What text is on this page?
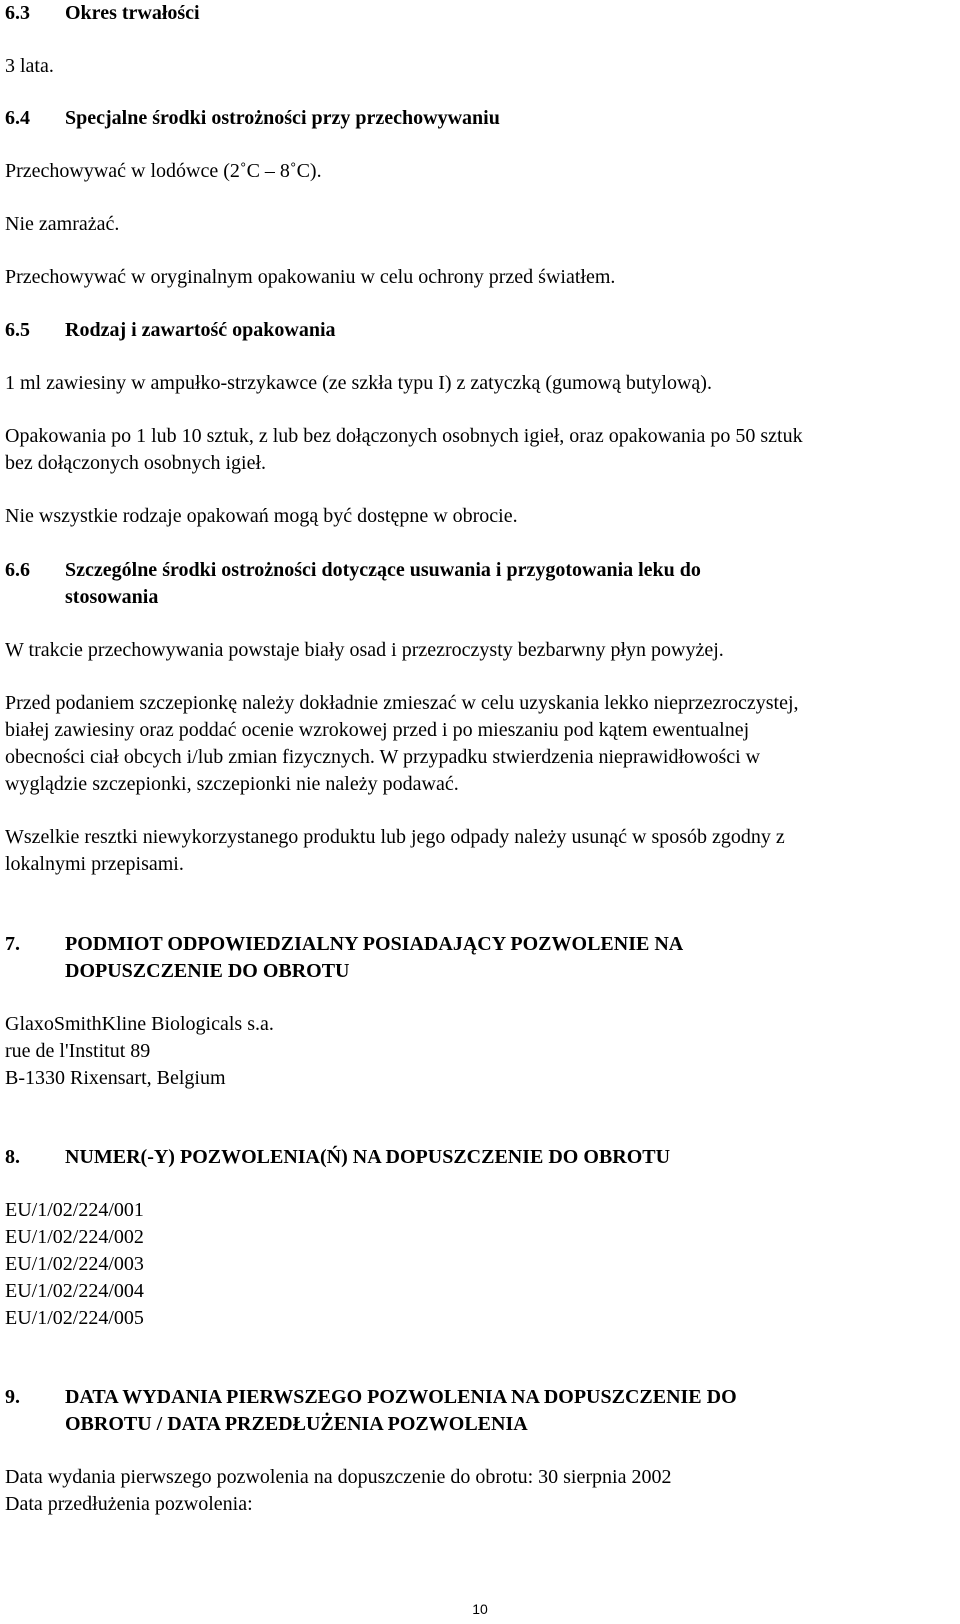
6.3 Okres trwałości
3 lata.
6.4 Specjalne środki ostrożności przy przechowywaniu
Przechowywać w lodówce (2˚C – 8˚C).
Nie zamrażać.
Przechowywać w oryginalnym opakowaniu w celu ochrony przed światłem.
6.5 Rodzaj i zawartość opakowania
1 ml zawiesiny w ampułko-strzykawce (ze szkła typu I) z zatyczką (gumową butylową).
Opakowania po 1 lub 10 sztuk, z lub bez dołączonych osobnych igieł, oraz opakowania po 50 sztuk
bez dołączonych osobnych igieł.
Nie wszystkie rodzaje opakowań mogą być dostępne w obrocie.
6.6 Szczególne środki ostrożności dotyczące usuwania i przygotowania leku do
stosowania
W trakcie przechowywania powstaje biały osad i przezroczysty bezbarwny płyn powyżej.
Przed podaniem szczepionkę należy dokładnie zmieszać w celu uzyskania lekko nieprzezroczystej,
białej zawiesiny oraz poddać ocenie wzrokowej przed i po mieszaniu pod kątem ewentualnej
obecności ciał obcych i/lub zmian fizycznych. W przypadku stwierdzenia nieprawidłowości w
wyglądzie szczepionki, szczepionki nie należy podawać.
Wszelkie resztki niewykorzystanego produktu lub jego odpady należy usunąć w sposób zgodny z
lokalnymi przepisami.
7. PODMIOT ODPOWIEDZIALNY POSIADAJĄCY POZWOLENIE NA
DOPUSZCZENIE DO OBROTU
GlaxoSmithKline Biologicals s.a.
rue de l'Institut 89
B-1330 Rixensart, Belgium
8. NUMER(-Y) POZWOLENIA(Ń) NA DOPUSZCZENIE DO OBROTU
EU/1/02/224/001
EU/1/02/224/002
EU/1/02/224/003
EU/1/02/224/004
EU/1/02/224/005
9. DATA WYDANIA PIERWSZEGO POZWOLENIA NA DOPUSZCZENIE DO
OBROTU / DATA PRZEDŁUŻENIA POZWOLENIA
Data wydania pierwszego pozwolenia na dopuszczenie do obrotu: 30 sierpnia 2002
Data przedłużenia pozwolenia:
10
